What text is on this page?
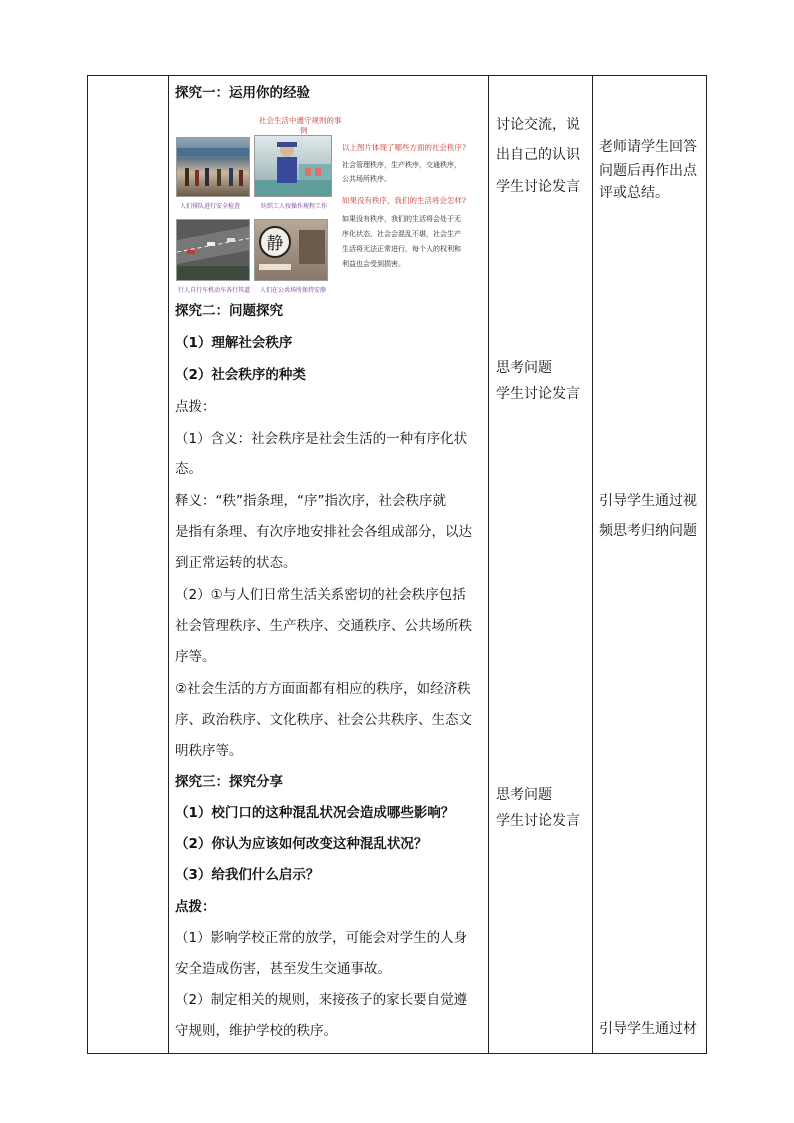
探究一：运用你的经验
社会生活中遵守规则的事
例
人们排队进行安全检查	纺织工人按操作规程工作
行人自行车机动车各行其道
静
人们在公共场所保持安静
以上图片体现了哪些方面的社会秩序?
社会管理秩序，生产秩序，交通秩序，
公共场所秩序。
如果没有秩序，我们的生活将会怎样?
如果没有秩序，我们的生活将会处于无
序化状态，社会会混乱不堪，社会生产
生活将无法正常进行，每个人的权利和
利益也会受到损害。
探究二：问题探究
（1）理解社会秩序
（2）社会秩序的种类
点拨：
（1）含义：社会秩序是社会生活的一种有序化状
态。
释义：“秩”指条理，“序”指次序，社会秩序就
是指有条理、有次序地安排社会各组成部分，以达
到正常运转的状态。
（2）①与人们日常生活关系密切的社会秩序包括
社会管理秩序、生产秩序、交通秩序、公共场所秩
序等。
②社会生活的方方面面都有相应的秩序，如经济秩
序、政治秩序、文化秩序、社会公共秩序、生态文
明秩序等。
探究三：探究分享
（1）校门口的这种混乱状况会造成哪些影响？
（2）你认为应该如何改变这种混乱状况？
（3）给我们什么启示？
点拨：
（1）影响学校正常的放学，可能会对学生的人身
安全造成伤害，甚至发生交通事故。
（2）制定相关的规则，来接孩子的家长要自觉遵
守规则，维护学校的秩序。
讨论交流，说
出自己的认识
学生讨论发言
思考问题
学生讨论发言
思考问题
学生讨论发言
老师请学生回答
问题后再作出点
评或总结。
引导学生通过视
频思考归纳问题
引导学生通过材
